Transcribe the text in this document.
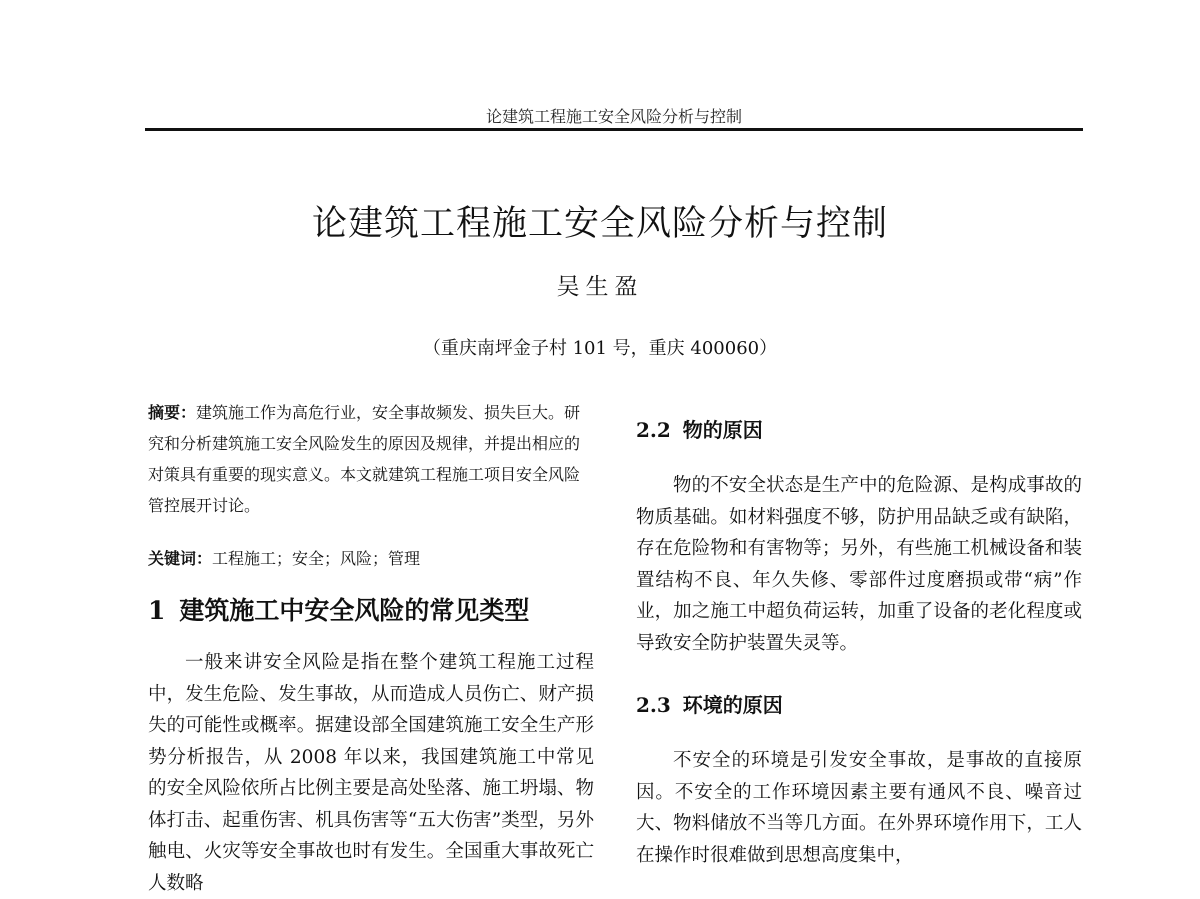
论建筑工程施工安全风险分析与控制
论建筑工程施工安全风险分析与控制
吴生盈
（重庆南坪金子村 101 号，重庆 400060）

摘要：建筑施工作为高危行业，安全事故频发、损失巨大。研究和分析建筑施工安全风险发生的原因及规律，并提出相应的对策具有重要的现实意义。本文就建筑工程施工项目安全风险管控展开讨论。

关键词：工程施工；安全；风险；管理

1 建筑施工中安全风险的常见类型

一般来讲安全风险是指在整个建筑工程施工过程中，发生危险、发生事故，从而造成人员伤亡、财产损失的可能性或概率。据建设部全国建筑施工安全生产形势分析报告，从 2008 年以来，我国建筑施工中常见的安全风险依所占比例主要是高处坠落、施工坍塌、物体打击、起重伤害、机具伤害等“五大伤害”类型，另外触电、火灾等安全事故也时有发生。全国重大事故死亡人数略

2.2 物的原因

物的不安全状态是生产中的危险源、是构成事故的物质基础。如材料强度不够，防护用品缺乏或有缺陷，存在危险物和有害物等；另外，有些施工机械设备和装置结构不良、年久失修、零部件过度磨损或带“病”作业，加之施工中超负荷运转，加重了设备的老化程度或导致安全防护装置失灵等。

2.3 环境的原因

不安全的环境是引发安全事故，是事故的直接原因。不安全的工作环境因素主要有通风不良、噪音过大、物料储放不当等几方面。在外界环境作用下，工人在操作时很难做到思想高度集中，
